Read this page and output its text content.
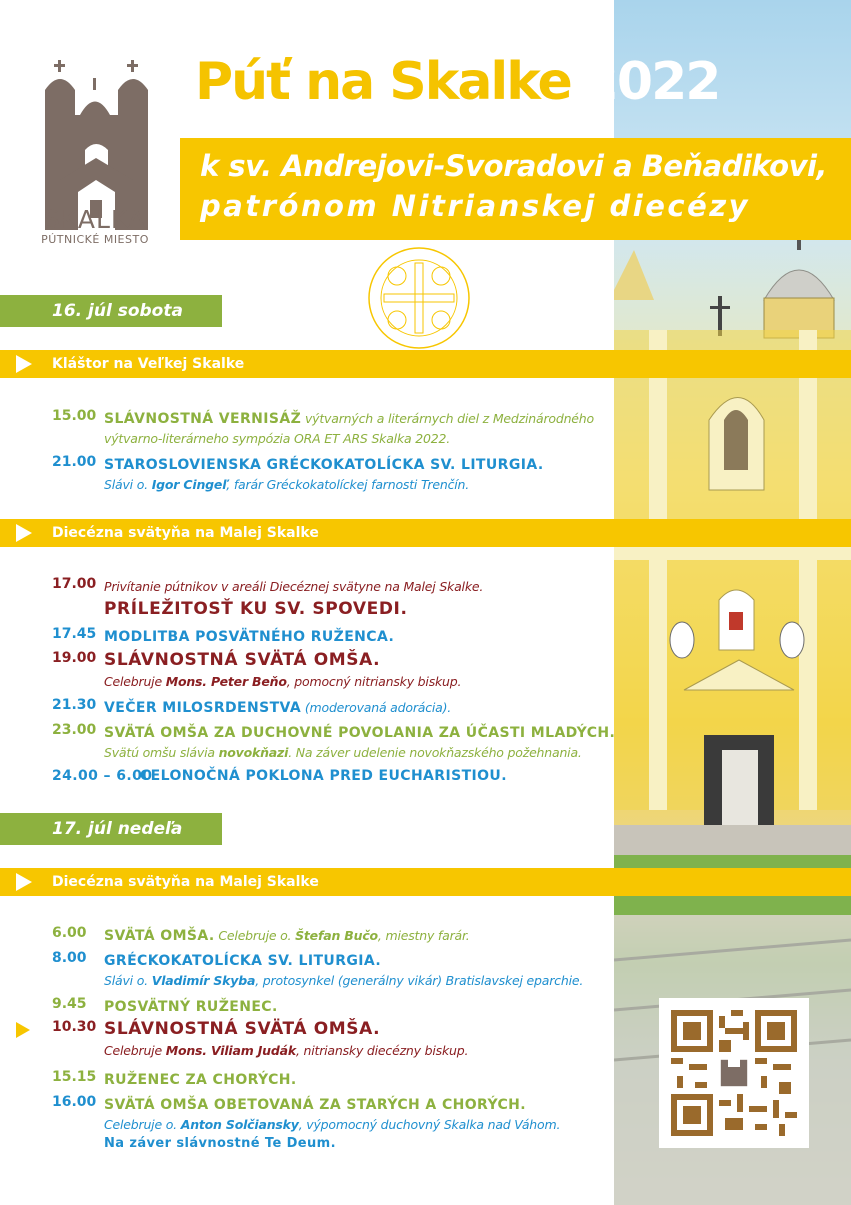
SKALKA
PÚTNICKÉ MIESTO
Púť na Skalke 2022
k sv. Andrejovi-Svoradovi a Beňadikovi,
patrónom Nitrianskej diecézy
16. júl sobota
Kláštor na Veľkej Skalke
15.00 SLÁVNOSTNÁ VERNISÁŽ výtvarných a literárnych diel z Medzinárodného
výtvarno-literárneho sympózia ORA ET ARS Skalka 2022.
21.00 STAROSLOVIENSKA GRÉCKOKATOLÍCKA SV. LITURGIA.
Slávi o. Igor Cingeľ, farár Gréckokatolíckej farnosti Trenčín.
Diecézna svätyňa na Malej Skalke
17.00 Privítanie pútnikov v areáli Diecéznej svätyne na Malej Skalke.
PRÍLEŽITOSŤ KU SV. SPOVEDI.
17.45 MODLITBA POSVÄTNÉHO RUŽENCA.
19.00 SLÁVNOSTNÁ SVÄTÁ OMŠA.
Celebruje Mons. Peter Beňo, pomocný nitriansky biskup.
21.30 VEČER MILOSRDENSTVA (moderovaná adorácia).
23.00 SVÄTÁ OMŠA ZA DUCHOVNÉ POVOLANIA ZA ÚČASTI MLADÝCH.
Svätú omšu slávia novokňazi. Na záver udelenie novokňazského požehnania.
24.00 – 6.00
CELONOČNÁ POKLONA PRED EUCHARISTIOU.
17. júl nedeľa
Diecézna svätyňa na Malej Skalke
6.00 SVÄTÁ OMŠA. Celebruje o. Štefan Bučo, miestny farár.
8.00 GRÉCKOKATOLÍCKA SV. LITURGIA.
Slávi o. Vladimír Skyba, protosynkel (generálny vikár) Bratislavskej eparchie.
9.45 POSVÄTNÝ RUŽENEC.
10.30 SLÁVNOSTNÁ SVÄTÁ OMŠA.
Celebruje Mons. Viliam Judák, nitriansky diecézny biskup.
15.15 RUŽENEC ZA CHORÝCH.
16.00 SVÄTÁ OMŠA OBETOVANÁ ZA STARÝCH A CHORÝCH.
Celebruje o. Anton Solčiansky, výpomocný duchovný Skalka nad Váhom.
Na záver slávnostné Te Deum.
